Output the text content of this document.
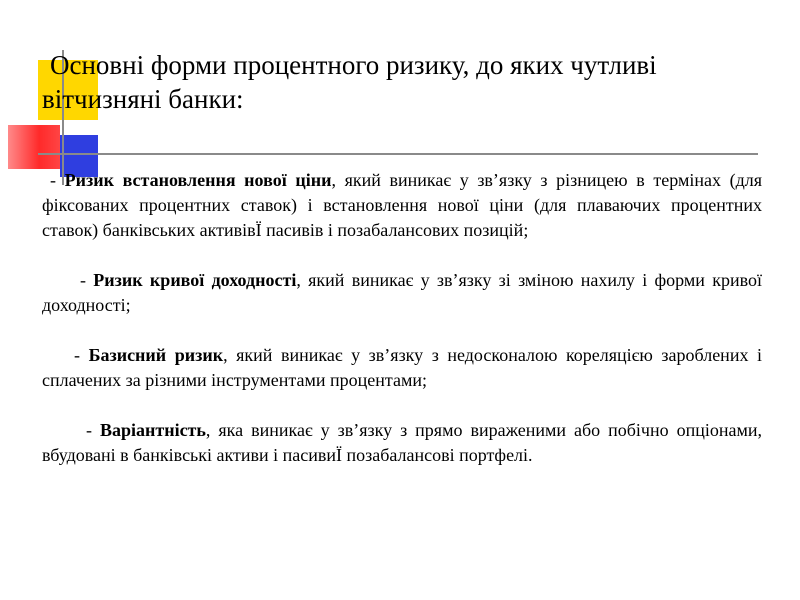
Основні форми процентного ризику, до яких чутливі вітчизняні банки:

- Ризик встановлення нової ціни, який виникає у зв’язку з різницею в термінах (для фіксованих процентних ставок) і встановлення нової ціни (для плаваючих процентних ставок) банківських активівЇ пасивів і позабалансових позицій;

- Ризик кривої доходності, який виникає у зв’язку зі зміною нахилу і форми кривої доходності;

- Базисний ризик, який виникає у зв’язку з недосконалою кореляцією зароблених і сплачених за різними інструментами процентами;

- Варіантність, яка виникає у зв’язку з прямо вираженими або побічно опціонами, вбудовані в банківські активи і пасивиЇ позабалансові портфелі.
